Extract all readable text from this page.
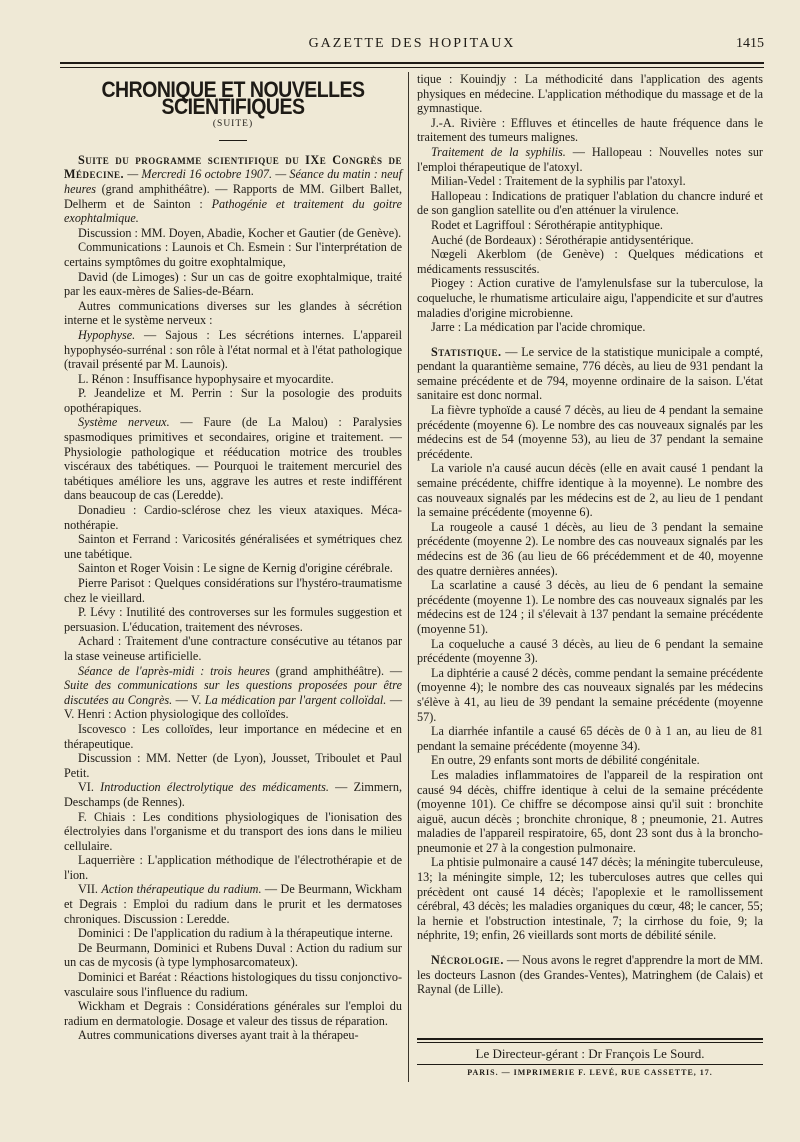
GAZETTE DES HOPITAUX	1415
CHRONIQUE ET NOUVELLES SCIENTIFIQUES
(SUITE)

Suite du programme scientifique du IXe Congrès de Médecine. — Mercredi 16 octobre 1907. — Séance du matin : neuf heures (grand amphithéâtre). — Rapports de MM. Gilbert Ballet, Delherm et de Sainton : Pathogénie et traitement du goitre exophtalmique.

Discussion : MM. Doyen, Abadie, Kocher et Gautier (de Genève).

Communications : Launois et Ch. Esmein : Sur l'interprétation de certains symptômes du goitre exophtalmique,

David (de Limoges) : Sur un cas de goitre exophtalmique, traité par les eaux-mères de Salies-de-Béarn.

Autres communications diverses sur les glandes à sécrétion interne et le système nerveux :

Hypophyse. — Sajous : Les sécrétions internes. L'appareil hypophyséo-surrénal : son rôle à l'état normal et à l'état pathologique (travail présenté par M. Launois).

L. Rénon : Insuffisance hypophysaire et myocardite.

P. Jeandelize et M. Perrin : Sur la posologie des produits opothérapiques.

Système nerveux. — Faure (de La Malou) : Paralysies spasmodiques primitives et secondaires, origine et traitement. — Physiologie pathologique et rééducation motrice des troubles viscéraux des tabétiques. — Pourquoi le traitement mercuriel des tabétiques améliore les uns, aggrave les autres et reste indifférent dans beaucoup de cas (Leredde).

Donadieu : Cardio-sclérose chez les vieux ataxiques. Méca-nothérapie.

Sainton et Ferrand : Varicosités généralisées et symétriques chez une tabétique.

Sainton et Roger Voisin : Le signe de Kernig d'origine cérébrale.

Pierre Parisot : Quelques considérations sur l'hystéro-traumatisme chez le vieillard.

P. Lévy : Inutilité des controverses sur les formules suggestion et persuasion. L'éducation, traitement des névroses.

Achard : Traitement d'une contracture consécutive au tétanos par la stase veineuse artificielle.

Séance de l'après-midi : trois heures (grand amphithéâtre). — Suite des communications sur les questions proposées pour être discutées au Congrès. — V. La médication par l'argent colloïdal. — V. Henri : Action physiologique des colloïdes.

Iscovesco : Les colloïdes, leur importance en médecine et en thérapeutique.

Discussion : MM. Netter (de Lyon), Jousset, Triboulet et Paul Petit.

VI. Introduction électrolytique des médicaments. — Zimmern, Deschamps (de Rennes).

F. Chiais : Les conditions physiologiques de l'ionisation des électrolyies dans l'organisme et du transport des ions dans le milieu cellulaire.

Laquerrière : L'application méthodique de l'électrothérapie et de l'ion.

VII. Action thérapeutique du radium. — De Beurmann, Wickham et Degrais : Emploi du radium dans le prurit et les dermatoses chroniques. Discussion : Leredde.

Dominici : De l'application du radium à la thérapeutique interne.

De Beurmann, Dominici et Rubens Duval : Action du radium sur un cas de mycosis (à type lymphosarcomateux).

Dominici et Baréat : Réactions histologiques du tissu conjonctivo-vasculaire sous l'influence du radium.

Wickham et Degrais : Considérations générales sur l'emploi du radium en dermatologie. Dosage et valeur des tissus de réparation.

Autres communications diverses ayant trait à la thérapeu-

tique : Kouindjy : La méthodicité dans l'application des agents physiques en médecine. L'application méthodique du massage et de la gymnastique.

J.-A. Rivière : Effluves et étincelles de haute fréquence dans le traitement des tumeurs malignes.

Traitement de la syphilis. — Hallopeau : Nouvelles notes sur l'emploi thérapeutique de l'atoxyl.

Milian-Vedel : Traitement de la syphilis par l'atoxyl.

Hallopeau : Indications de pratiquer l'ablation du chancre induré et de son ganglion satellite ou d'en atténuer la virulence.

Rodet et Lagriffoul : Sérothérapie antityphique.

Auché (de Bordeaux) : Sérothérapie antidysentérique.

Nœgeli Akerblom (de Genève) : Quelques médications et médicaments ressuscités.

Piogey : Action curative de l'amylenulsfase sur la tuberculose, la coqueluche, le rhumatisme articulaire aigu, l'appendicite et sur d'autres maladies d'origine microbienne.

Jarre : La médication par l'acide chromique.

Statistique. — Le service de la statistique municipale a compté, pendant la quarantième semaine, 776 décès, au lieu de 931 pendant la semaine précédente et de 794, moyenne ordinaire de la saison. L'état sanitaire est donc normal.

La fièvre typhoïde a causé 7 décès, au lieu de 4 pendant la semaine précédente (moyenne 6). Le nombre des cas nouveaux signalés par les médecins est de 54 (moyenne 53), au lieu de 37 pendant la semaine précédente.

La variole n'a causé aucun décès (elle en avait causé 1 pendant la semaine précédente, chiffre identique à la moyenne). Le nombre des cas nouveaux signalés par les médecins est de 2, au lieu de 1 pendant la semaine précédente (moyenne 6).

La rougeole a causé 1 décès, au lieu de 3 pendant la semaine précédente (moyenne 2). Le nombre des cas nouveaux signalés par les médecins est de 36 (au lieu de 66 précédemment et de 40, moyenne des quatre dernières années).

La scarlatine a causé 3 décès, au lieu de 6 pendant la semaine précédente (moyenne 1). Le nombre des cas nouveaux signalés par les médecins est de 124 ; il s'élevait à 137 pendant la semaine précédente (moyenne 51).

La coqueluche a causé 3 décès, au lieu de 6 pendant la semaine précédente (moyenne 3).

La diphtérie a causé 2 décès, comme pendant la semaine précédente (moyenne 4); le nombre des cas nouveaux signalés par les médecins s'élève à 41, au lieu de 39 pendant la semaine précédente (moyenne 57).

La diarrhée infantile a causé 65 décès de 0 à 1 an, au lieu de 81 pendant la semaine précédente (moyenne 34).

En outre, 29 enfants sont morts de débilité congénitale.

Les maladies inflammatoires de l'appareil de la respiration ont causé 94 décès, chiffre identique à celui de la semaine précédente (moyenne 101). Ce chiffre se décompose ainsi qu'il suit : bronchite aiguë, aucun décès ; bronchite chronique, 8 ; pneumonie, 21. Autres maladies de l'appareil respiratoire, 65, dont 23 sont dus à la broncho-pneumonie et 27 à la congestion pulmonaire.

La phtisie pulmonaire a causé 147 décès; la méningite tuberculeuse, 13; la méningite simple, 12; les tuberculoses autres que celles qui précèdent ont causé 14 décès; l'apoplexie et le ramollissement cérébral, 43 décès; les maladies organiques du cœur, 48; le cancer, 55; la hernie et l'obstruction intestinale, 7; la cirrhose du foie, 9; la néphrite, 19; enfin, 26 vieillards sont morts de débilité sénile.

Nécrologie. — Nous avons le regret d'apprendre la mort de MM. les docteurs Lasnon (des Grandes-Ventes), Matringhem (de Calais) et Raynal (de Lille).

Le Directeur-gérant : Dr François Le Sourd.
PARIS. — IMPRIMERIE F. LEVÉ, RUE CASSETTE, 17.
